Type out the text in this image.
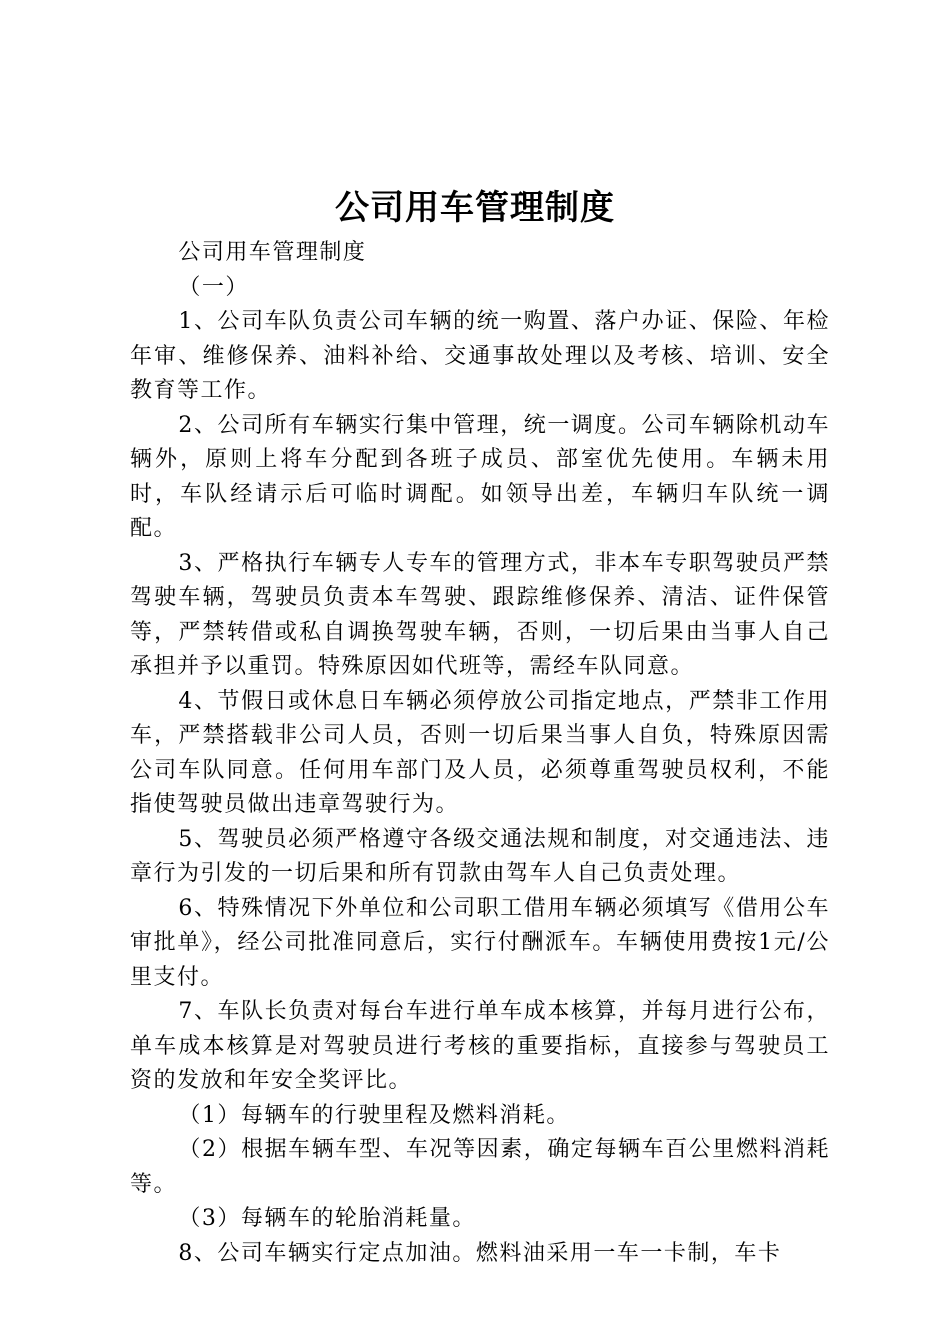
公司用车管理制度

公司用车管理制度

（一）

1、公司车队负责公司车辆的统一购置、落户办证、保险、年检年审、维修保养、油料补给、交通事故处理以及考核、培训、安全教育等工作。

2、公司所有车辆实行集中管理，统一调度。公司车辆除机动车辆外，原则上将车分配到各班子成员、部室优先使用。车辆未用时，车队经请示后可临时调配。如领导出差，车辆归车队统一调配。

3、严格执行车辆专人专车的管理方式，非本车专职驾驶员严禁驾驶车辆，驾驶员负责本车驾驶、跟踪维修保养、清洁、证件保管等，严禁转借或私自调换驾驶车辆，否则，一切后果由当事人自己承担并予以重罚。特殊原因如代班等，需经车队同意。

4、节假日或休息日车辆必须停放公司指定地点，严禁非工作用车，严禁搭载非公司人员，否则一切后果当事人自负，特殊原因需公司车队同意。任何用车部门及人员，必须尊重驾驶员权利，不能指使驾驶员做出违章驾驶行为。

5、驾驶员必须严格遵守各级交通法规和制度，对交通违法、违章行为引发的一切后果和所有罚款由驾车人自己负责处理。

6、特殊情况下外单位和公司职工借用车辆必须填写《借用公车审批单》，经公司批准同意后，实行付酬派车。车辆使用费按1元/公里支付。

7、车队长负责对每台车进行单车成本核算，并每月进行公布，单车成本核算是对驾驶员进行考核的重要指标，直接参与驾驶员工资的发放和年安全奖评比。

（1）每辆车的行驶里程及燃料消耗。

（2）根据车辆车型、车况等因素，确定每辆车百公里燃料消耗等。

（3）每辆车的轮胎消耗量。

8、公司车辆实行定点加油。燃料油采用一车一卡制，车卡
